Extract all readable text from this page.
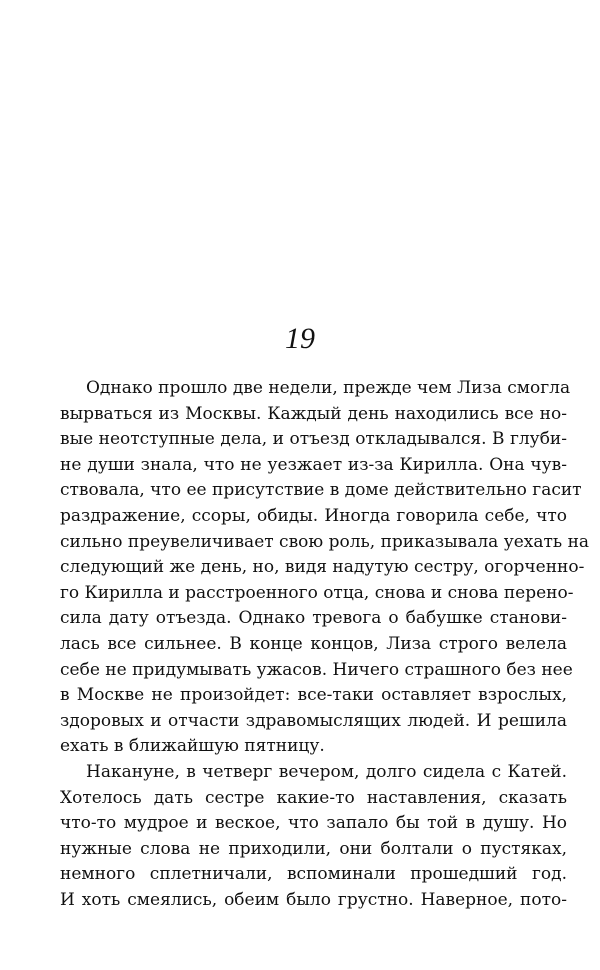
19
Однако прошло две недели, прежде чем Лиза смогла
вырваться из Москвы. Каждый день находились все но-
вые неотступные дела, и отъезд откладывался. В глуби-
не души знала, что не уезжает из-за Кирилла. Она чув-
ствовала, что ее присутствие в доме действительно гасит
раздражение, ссоры, обиды. Иногда говорила себе, что
сильно преувеличивает свою роль, приказывала уехать на
следующий же день, но, видя надутую сестру, огорченно-
го Кирилла и расстроенного отца, снова и снова перено-
сила дату отъезда. Однако тревога о бабушке станови-
лась все сильнее. В конце концов, Лиза строго велела
себе не придумывать ужасов. Ничего страшного без нее
в Москве не произойдет: все-таки оставляет взрослых,
здоровых и отчасти здравомыслящих людей. И решила
ехать в ближайшую пятницу.
Накануне, в четверг вечером, долго сидела с Катей.
Хотелось дать сестре какие-то наставления, сказать
что-то мудрое и веское, что запало бы той в душу. Но
нужные слова не приходили, они болтали о пустяках,
немного сплетничали, вспоминали прошедший год.
И хоть смеялись, обеим было грустно. Наверное, пото-
